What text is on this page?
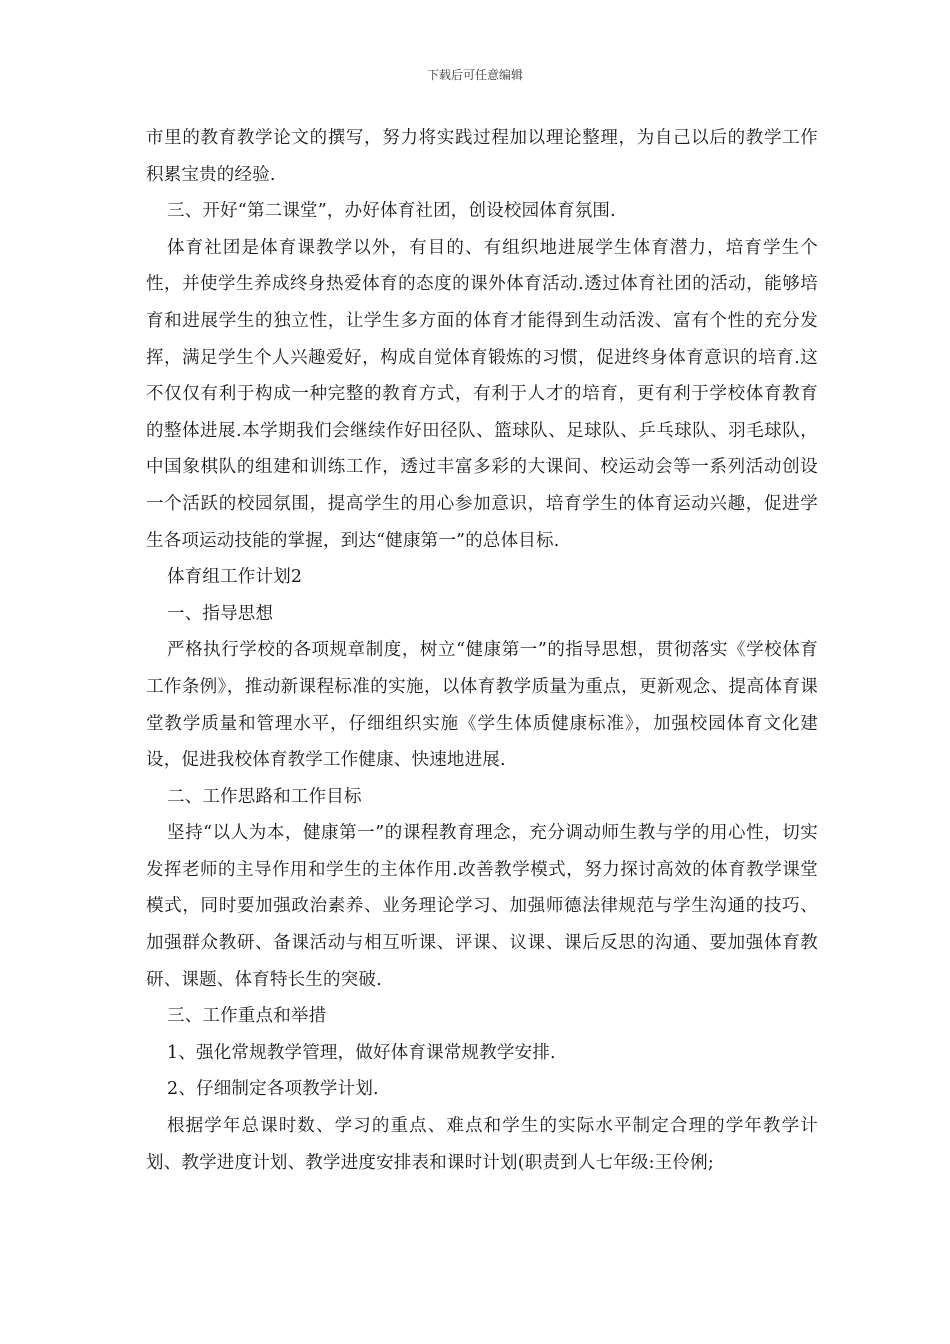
下载后可任意编辑

市里的教育教学论文的撰写，努力将实践过程加以理论整理，为自己以后的教学工作积累宝贵的经验.

三、开好“第二课堂”，办好体育社团，创设校园体育氛围.

体育社团是体育课教学以外，有目的、有组织地进展学生体育潜力，培育学生个性，并使学生养成终身热爱体育的态度的课外体育活动.透过体育社团的活动，能够培育和进展学生的独立性，让学生多方面的体育才能得到生动活泼、富有个性的充分发挥，满足学生个人兴趣爱好，构成自觉体育锻炼的习惯，促进终身体育意识的培育.这不仅仅有利于构成一种完整的教育方式，有利于人才的培育，更有利于学校体育教育的整体进展.本学期我们会继续作好田径队、篮球队、足球队、乒乓球队、羽毛球队，中国象棋队的组建和训练工作，透过丰富多彩的大课间、校运动会等一系列活动创设一个活跃的校园氛围，提高学生的用心参加意识，培育学生的体育运动兴趣，促进学生各项运动技能的掌握，到达“健康第一”的总体目标.

体育组工作计划2

一、指导思想

严格执行学校的各项规章制度，树立“健康第一”的指导思想，贯彻落实《学校体育工作条例》，推动新课程标准的实施，以体育教学质量为重点，更新观念、提高体育课堂教学质量和管理水平，仔细组织实施《学生体质健康标准》，加强校园体育文化建设，促进我校体育教学工作健康、快速地进展.

二、工作思路和工作目标

坚持“以人为本，健康第一”的课程教育理念，充分调动师生教与学的用心性，切实发挥老师的主导作用和学生的主体作用.改善教学模式，努力探讨高效的体育教学课堂模式，同时要加强政治素养、业务理论学习、加强师德法律规范与学生沟通的技巧、加强群众教研、备课活动与相互听课、评课、议课、课后反思的沟通、要加强体育教研、课题、体育特长生的突破.

三、工作重点和举措

1、强化常规教学管理，做好体育课常规教学安排.

2、仔细制定各项教学计划.

根据学年总课时数、学习的重点、难点和学生的实际水平制定合理的学年教学计划、教学进度计划、教学进度安排表和课时计划(职责到人七年级:王伶俐;
